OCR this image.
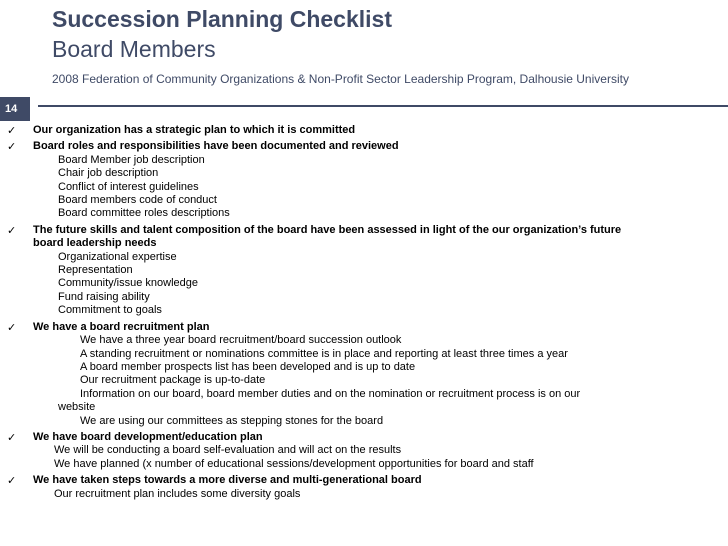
Succession Planning Checklist
Board Members
2008 Federation of Community Organizations & Non-Profit Sector Leadership Program, Dalhousie University
14
✓ Our organization has a strategic plan to which it is committed
✓ Board roles and responsibilities have been documented and reviewed
Board Member job description
Chair job description
Conflict of interest guidelines
Board members code of conduct
Board committee roles descriptions
✓ The future skills and talent composition of the board have been assessed in light of the our organization’s future board leadership needs
Organizational expertise
Representation
Community/issue knowledge
Fund raising ability
Commitment to goals
✓ We have a board recruitment plan
We have a three year board recruitment/board succession outlook
A standing recruitment or nominations committee is in place and reporting at least three times a year
A board member prospects list has been developed and is up to date
Our recruitment package is up-to-date
Information on our board, board member duties and on the nomination or recruitment process is on our
website
We are using our committees as stepping stones for the board
✓ We have board development/education plan
We will be conducting a board self-evaluation and will act on the results
We have planned (x number of educational sessions/development opportunities for board and staff
✓ We have taken steps towards a more diverse and multi-generational board
Our recruitment plan includes some diversity goals
